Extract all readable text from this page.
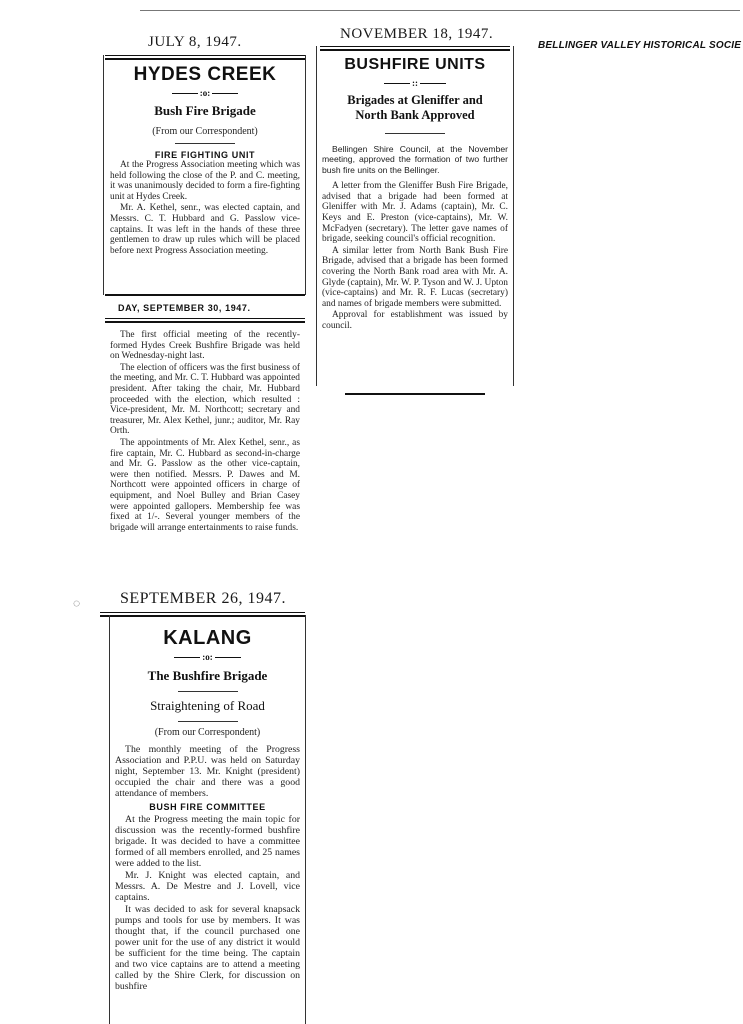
BELLINGER VALLEY HISTORICAL SOCIE
JULY 8, 1947.
HYDES CREEK
:o:
Bush Fire Brigade
(From our Correspondent)
FIRE FIGHTING UNIT

At the Progress Association meeting which was held following the close of the P. and C. meeting, it was unanimously decided to form a fire-fighting unit at Hydes Creek.

Mr. A. Kethel, senr., was elected captain, and Messrs. C. T. Hubbard and G. Passlow vice-captains. It was left in the hands of these three gentlemen to draw up rules which will be placed before next Progress Association meeting.

DAY, SEPTEMBER 30, 1947.

The first official meeting of the recently-formed Hydes Creek Bushfire Brigade was held on Wednesday-night last.

The election of officers was the first business of the meeting, and Mr. C. T. Hubbard was appointed president. After taking the chair, Mr. Hubbard proceeded with the election, which resulted : Vice-president, Mr. M. Northcott; secretary and treasurer, Mr. Alex Kethel, junr.; auditor, Mr. Ray Orth.

The appointments of Mr. Alex Kethel, senr., as fire captain, Mr. C. Hubbard as second-in-charge and Mr. G. Passlow as the other vice-captain, were then notified. Messrs. P. Dawes and M. Northcott were appointed officers in charge of equipment, and Noel Bulley and Brian Casey were appointed gallopers. Membership fee was fixed at 1/-. Several younger members of the brigade will arrange entertainments to raise funds.

◌ SEPTEMBER 26, 1947.
KALANG
:o:
The Bushfire Brigade
Straightening of Road
(From our Correspondent)

The monthly meeting of the Progress Association and P.P.U. was held on Saturday night, September 13. Mr. Knight (president) occupied the chair and there was a good attendance of members.

BUSH FIRE COMMITTEE

At the Progress meeting the main topic for discussion was the recently-formed bushfire brigade. It was decided to have a committee formed of all members enrolled, and 25 names were added to the list.

Mr. J. Knight was elected captain, and Messrs. A. De Mestre and J. Lovell, vice captains.

It was decided to ask for several knapsack pumps and tools for use by members. It was thought that, if the council purchased one power unit for the use of any district it would be sufficient for the time being. The captain and two vice captains are to attend a meeting called by the Shire Clerk, for discussion on bushfire

NOVEMBER 18, 1947.
BUSHFIRE UNITS
::
Brigades at Gleniffer and North Bank Approved

Bellingen Shire Council, at the November meeting, approved the formation of two further bush fire units on the Bellinger.

A letter from the Gleniffer Bush Fire Brigade, advised that a brigade had been formed at Gleniffer with Mr. J. Adams (captain), Mr. C. Keys and E. Preston (vice-captains), Mr. W. McFadyen (secretary). The letter gave names of brigade, seeking council's official recognition.

A similar letter from North Bank Bush Fire Brigade, advised that a brigade has been formed covering the North Bank road area with Mr. A. Glyde (captain), Mr. W. P. Tyson and W. J. Upton (vice-captains) and Mr. R. F. Lucas (secretary) and names of brigade members were submitted.

Approval for establishment was issued by council.
